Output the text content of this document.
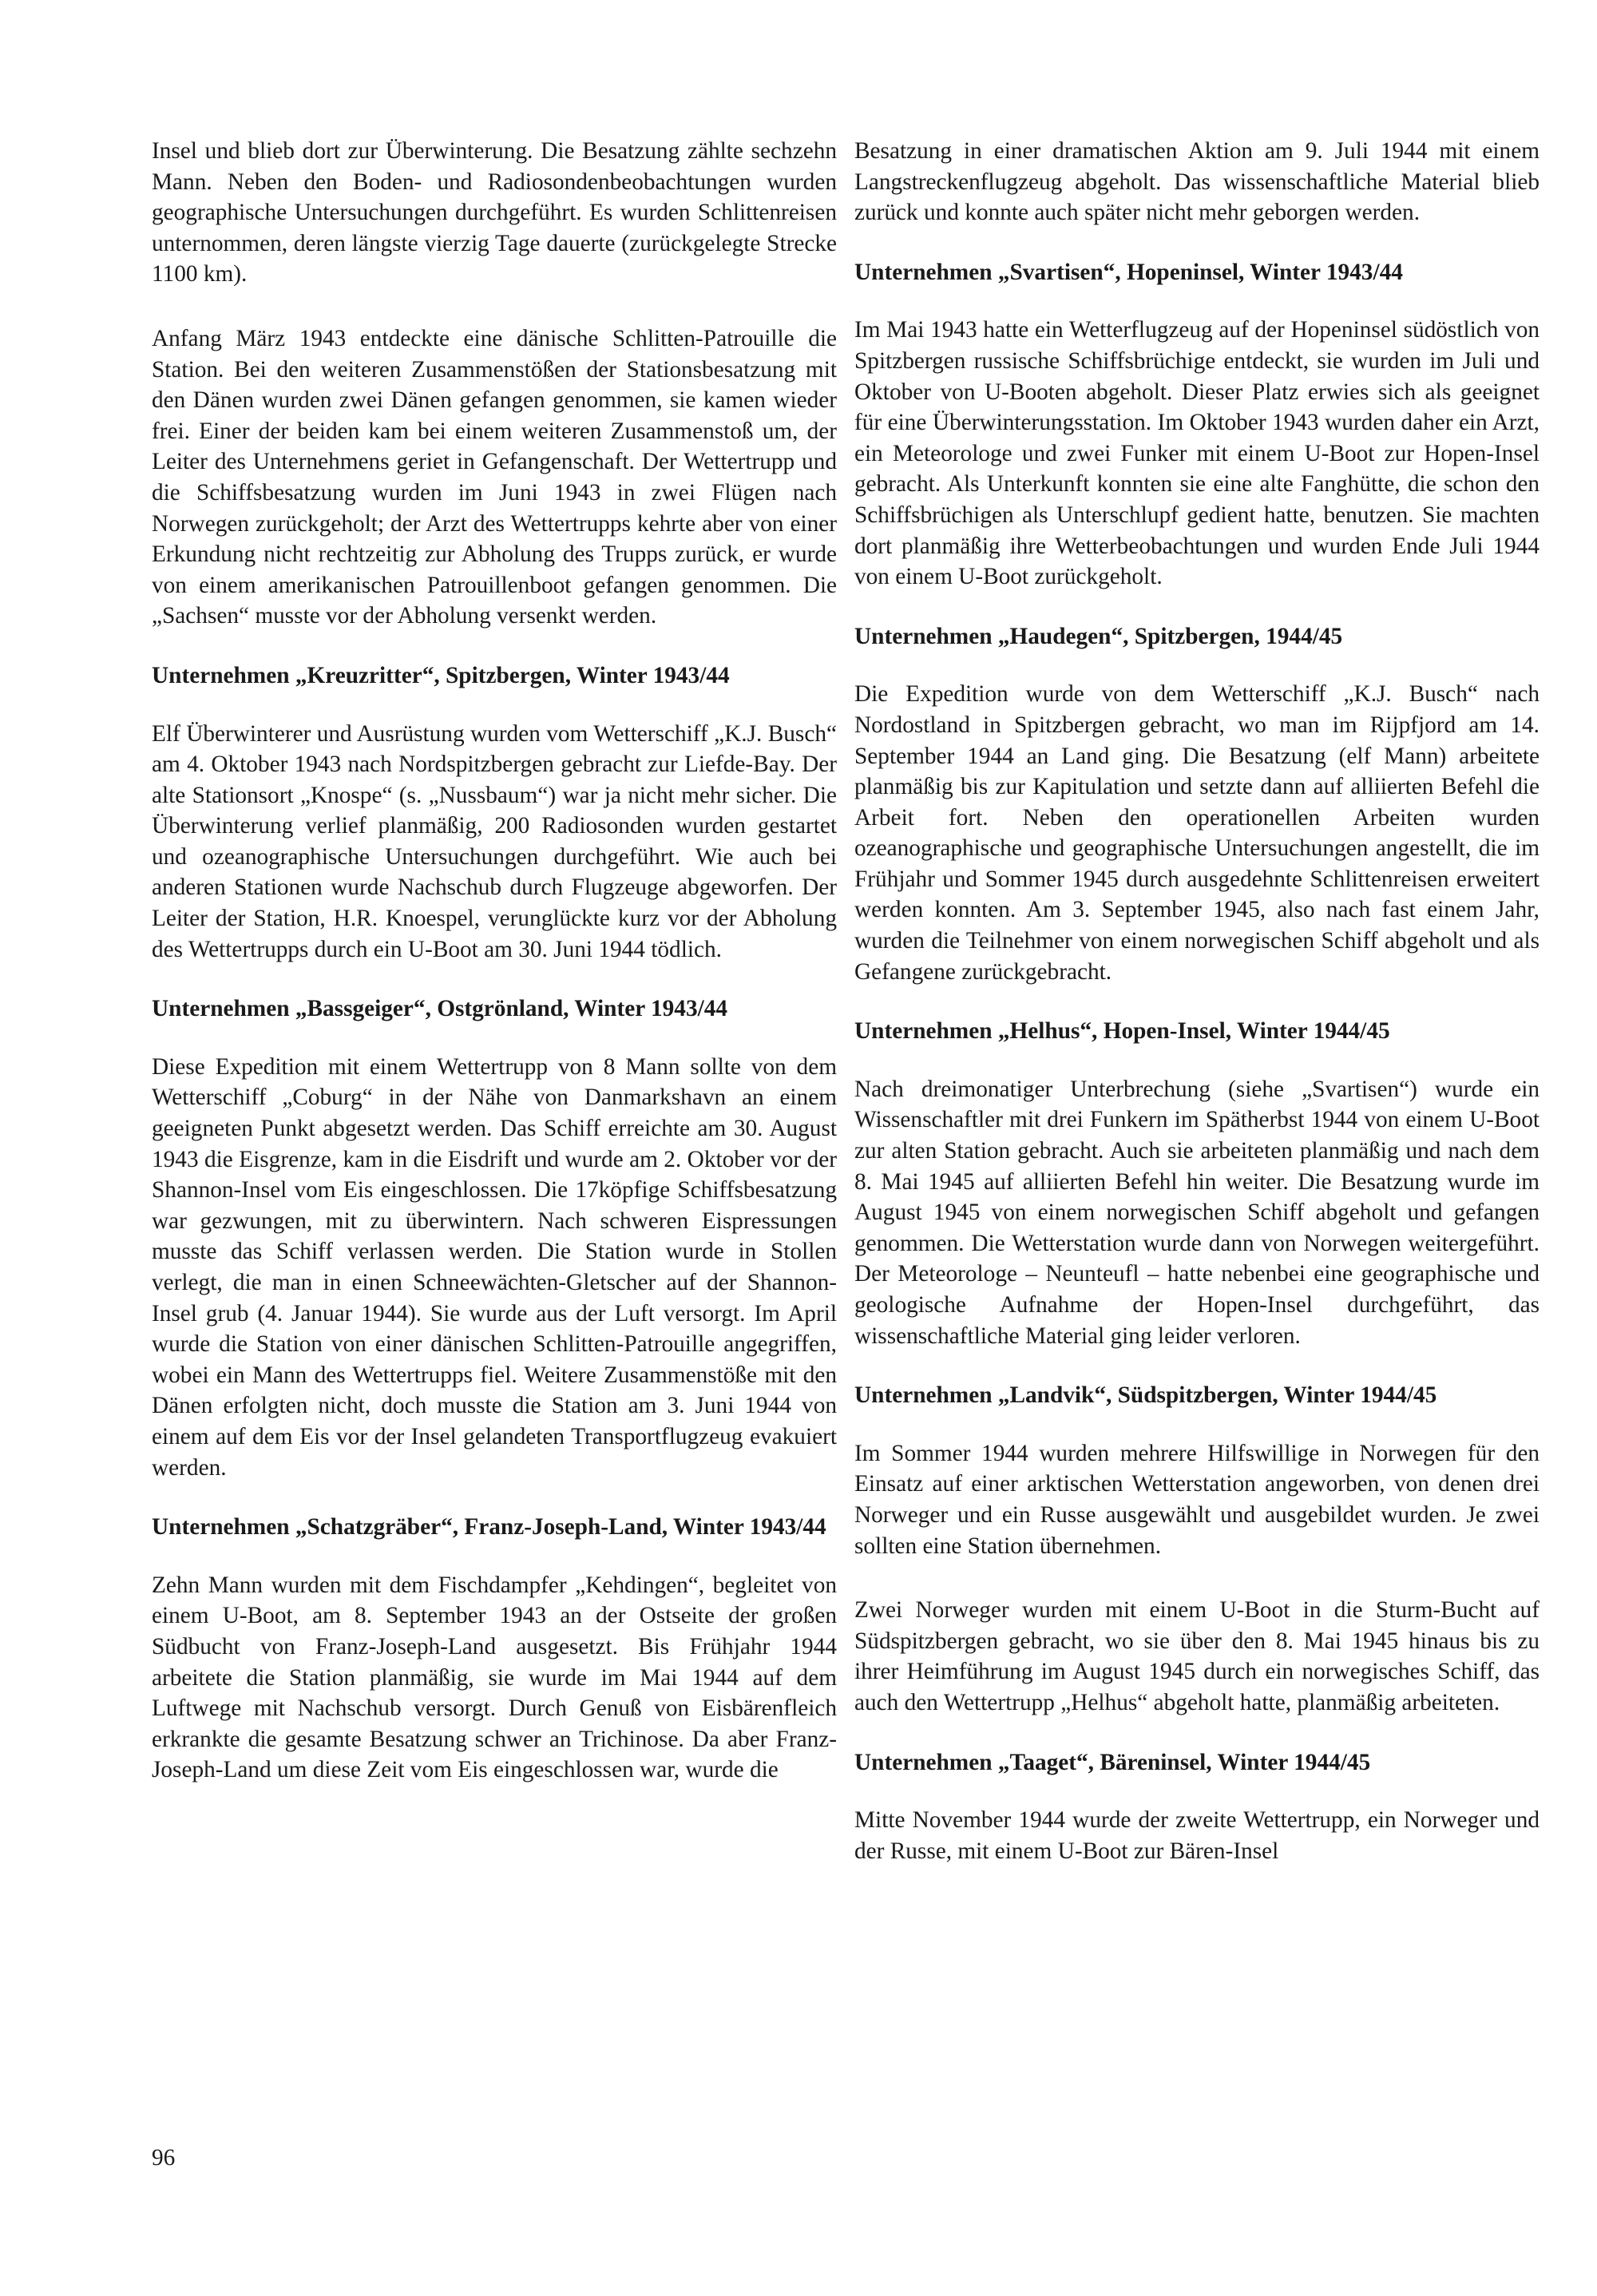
Insel und blieb dort zur Überwinterung. Die Besatzung zählte sechzehn Mann. Neben den Boden- und Radiosondenbeobachtungen wurden geographische Untersuchungen durchgeführt. Es wurden Schlittenreisen unternommen, deren längste vierzig Tage dauerte (zurückgelegte Strecke 1100 km).

Anfang März 1943 entdeckte eine dänische Schlitten-Patrouille die Station. Bei den weiteren Zusammenstößen der Stationsbesatzung mit den Dänen wurden zwei Dänen gefangen genommen, sie kamen wieder frei. Einer der beiden kam bei einem weiteren Zusammenstoß um, der Leiter des Unternehmens geriet in Gefangenschaft. Der Wettertrupp und die Schiffsbesatzung wurden im Juni 1943 in zwei Flügen nach Norwegen zurückgeholt; der Arzt des Wettertrupps kehrte aber von einer Erkundung nicht rechtzeitig zur Abholung des Trupps zurück, er wurde von einem amerikanischen Patrouillenboot gefangen genommen. Die „Sachsen“ musste vor der Abholung versenkt werden.

Unternehmen „Kreuzritter“, Spitzbergen, Winter 1943/44

Elf Überwinterer und Ausrüstung wurden vom Wetterschiff „K.J. Busch“ am 4. Oktober 1943 nach Nordspitzbergen gebracht zur Liefde-Bay. Der alte Stationsort „Knospe“ (s. „Nussbaum“) war ja nicht mehr sicher. Die Überwinterung verlief planmäßig, 200 Radiosonden wurden gestartet und ozeanographische Untersuchungen durchgeführt. Wie auch bei anderen Stationen wurde Nachschub durch Flugzeuge abgeworfen. Der Leiter der Station, H.R. Knoespel, verunglückte kurz vor der Abholung des Wettertrupps durch ein U-Boot am 30. Juni 1944 tödlich.

Unternehmen „Bassgeiger“, Ostgrönland, Winter 1943/44

Diese Expedition mit einem Wettertrupp von 8 Mann sollte von dem Wetterschiff „Coburg“ in der Nähe von Danmarkshavn an einem geeigneten Punkt abgesetzt werden. Das Schiff erreichte am 30. August 1943 die Eisgrenze, kam in die Eisdrift und wurde am 2. Oktober vor der Shannon-Insel vom Eis eingeschlossen. Die 17köpfige Schiffsbesatzung war gezwungen, mit zu überwintern. Nach schweren Eispressungen musste das Schiff verlassen werden. Die Station wurde in Stollen verlegt, die man in einen Schneewächten-Gletscher auf der Shannon-Insel grub (4. Januar 1944). Sie wurde aus der Luft versorgt. Im April wurde die Station von einer dänischen Schlitten-Patrouille angegriffen, wobei ein Mann des Wettertrupps fiel. Weitere Zusammenstöße mit den Dänen erfolgten nicht, doch musste die Station am 3. Juni 1944 von einem auf dem Eis vor der Insel gelandeten Transportflugzeug evakuiert werden.

Unternehmen „Schatzgräber“, Franz-Joseph-Land, Winter 1943/44

Zehn Mann wurden mit dem Fischdampfer „Kehdingen“, begleitet von einem U-Boot, am 8. September 1943 an der Ostseite der großen Südbucht von Franz-Joseph-Land ausgesetzt. Bis Frühjahr 1944 arbeitete die Station planmäßig, sie wurde im Mai 1944 auf dem Luftwege mit Nachschub versorgt. Durch Genuß von Eisbärenfleich erkrankte die gesamte Besatzung schwer an Trichinose. Da aber Franz-Joseph-Land um diese Zeit vom Eis eingeschlossen war, wurde die

Besatzung in einer dramatischen Aktion am 9. Juli 1944 mit einem Langstreckenflugzeug abgeholt. Das wissenschaftliche Material blieb zurück und konnte auch später nicht mehr geborgen werden.

Unternehmen „Svartisen“, Hopeninsel, Winter 1943/44

Im Mai 1943 hatte ein Wetterflugzeug auf der Hopeninsel südöstlich von Spitzbergen russische Schiffsbrüchige entdeckt, sie wurden im Juli und Oktober von U-Booten abgeholt. Dieser Platz erwies sich als geeignet für eine Überwinterungsstation. Im Oktober 1943 wurden daher ein Arzt, ein Meteorologe und zwei Funker mit einem U-Boot zur Hopen-Insel gebracht. Als Unterkunft konnten sie eine alte Fanghütte, die schon den Schiffsbrüchigen als Unterschlupf gedient hatte, benutzen. Sie machten dort planmäßig ihre Wetterbeobachtungen und wurden Ende Juli 1944 von einem U-Boot zurückgeholt.

Unternehmen „Haudegen“, Spitzbergen, 1944/45

Die Expedition wurde von dem Wetterschiff „K.J. Busch“ nach Nordostland in Spitzbergen gebracht, wo man im Rijpfjord am 14. September 1944 an Land ging. Die Besatzung (elf Mann) arbeitete planmäßig bis zur Kapitulation und setzte dann auf alliierten Befehl die Arbeit fort. Neben den operationellen Arbeiten wurden ozeanographische und geographische Untersuchungen angestellt, die im Frühjahr und Sommer 1945 durch ausgedehnte Schlittenreisen erweitert werden konnten. Am 3. September 1945, also nach fast einem Jahr, wurden die Teilnehmer von einem norwegischen Schiff abgeholt und als Gefangene zurückgebracht.

Unternehmen „Helhus“, Hopen-Insel, Winter 1944/45

Nach dreimonatiger Unterbrechung (siehe „Svartisen“) wurde ein Wissenschaftler mit drei Funkern im Spätherbst 1944 von einem U-Boot zur alten Station gebracht. Auch sie arbeiteten planmäßig und nach dem 8. Mai 1945 auf alliierten Befehl hin weiter. Die Besatzung wurde im August 1945 von einem norwegischen Schiff abgeholt und gefangen genommen. Die Wetterstation wurde dann von Norwegen weitergeführt. Der Meteorologe – Neunteufl – hatte nebenbei eine geographische und geologische Aufnahme der Hopen-Insel durchgeführt, das wissenschaftliche Material ging leider verloren.

Unternehmen „Landvik“, Südspitzbergen, Winter 1944/45

Im Sommer 1944 wurden mehrere Hilfswillige in Norwegen für den Einsatz auf einer arktischen Wetterstation angeworben, von denen drei Norweger und ein Russe ausgewählt und ausgebildet wurden. Je zwei sollten eine Station übernehmen.

Zwei Norweger wurden mit einem U-Boot in die Sturm-Bucht auf Südspitzbergen gebracht, wo sie über den 8. Mai 1945 hinaus bis zu ihrer Heimführung im August 1945 durch ein norwegisches Schiff, das auch den Wettertrupp „Helhus“ abgeholt hatte, planmäßig arbeiteten.

Unternehmen „Taaget“, Bäreninsel, Winter 1944/45

Mitte November 1944 wurde der zweite Wettertrupp, ein Norweger und der Russe, mit einem U-Boot zur Bären-Insel

96
